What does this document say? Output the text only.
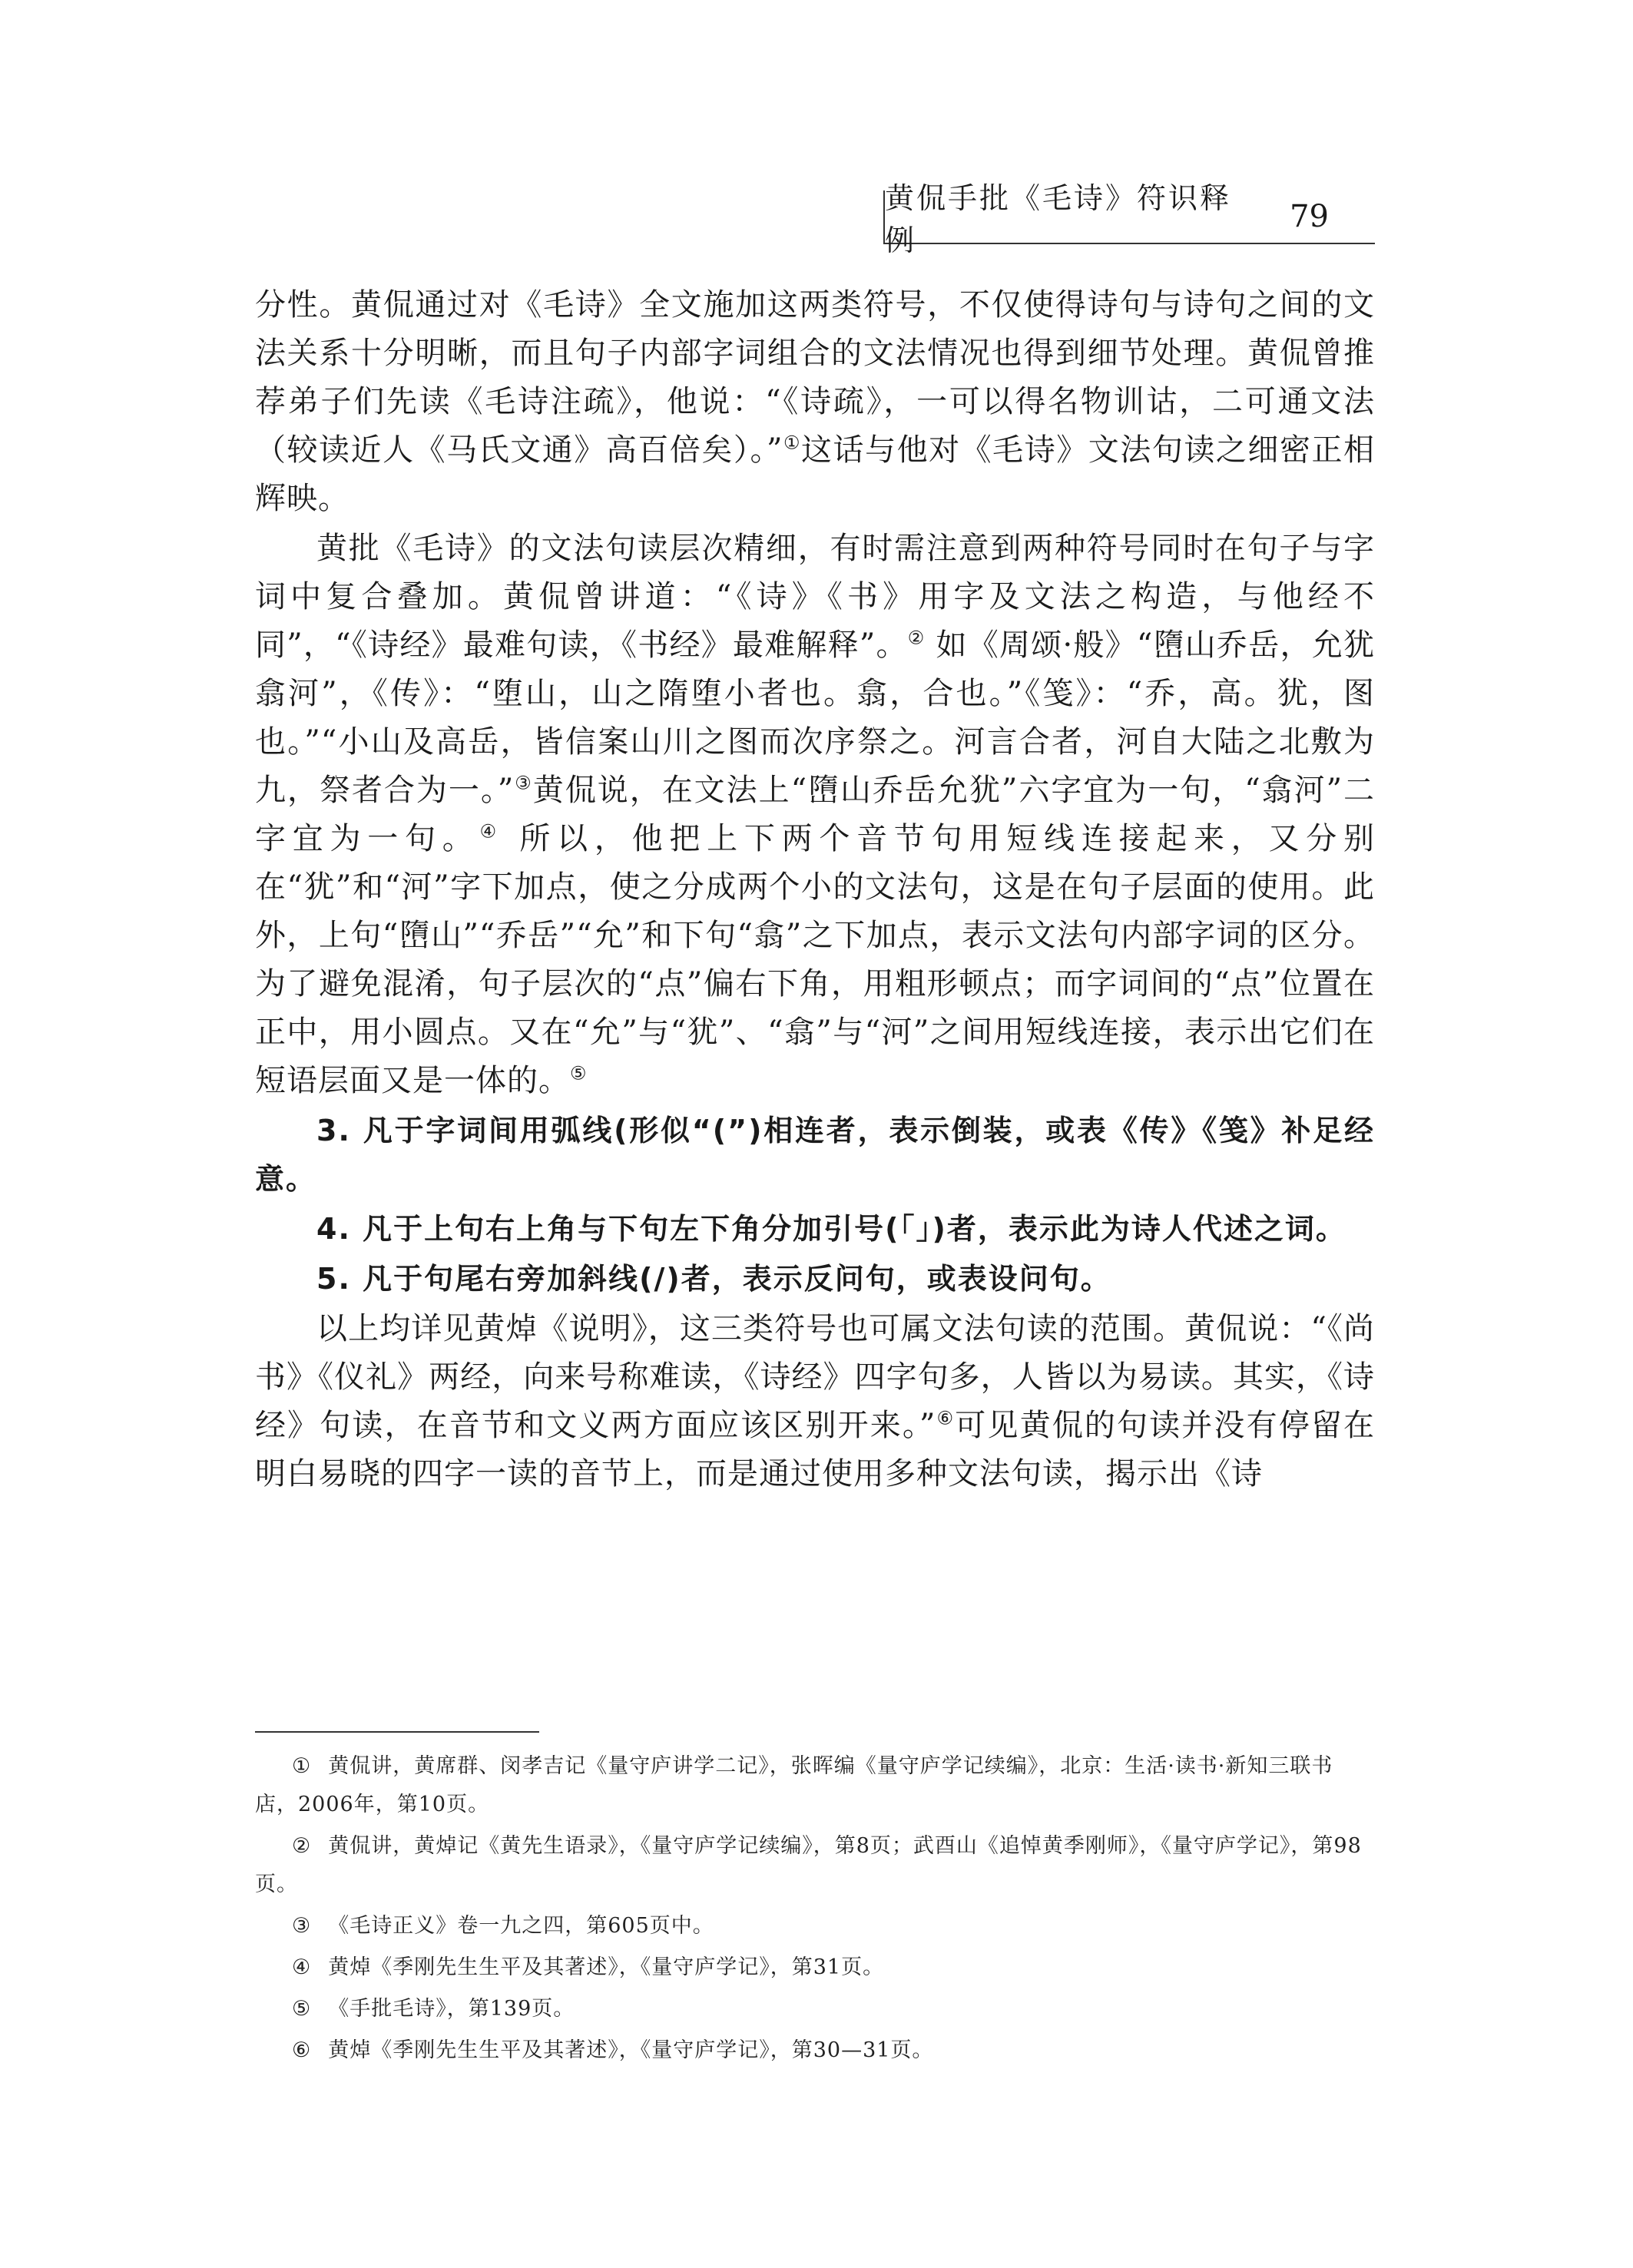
黄侃手批《毛诗》符识释例
79

分性。黄侃通过对《毛诗》全文施加这两类符号，不仅使得诗句与诗句之间的文法关系十分明晰，而且句子内部字词组合的文法情况也得到细节处理。黄侃曾推荐弟子们先读《毛诗注疏》，他说：“《诗疏》，一可以得名物训诂，二可通文法（较读近人《马氏文通》高百倍矣）。”①这话与他对《毛诗》文法句读之细密正相辉映。

黄批《毛诗》的文法句读层次精细，有时需注意到两种符号同时在句子与字词中复合叠加。黄侃曾讲道：“《诗》《书》用字及文法之构造，与他经不同”，“《诗经》最难句读，《书经》最难解释”。② 如《周颂·般》“嶞山乔岳，允犹翕河”，《传》：“堕山，山之隋堕小者也。翕，合也。”《笺》：“乔，高。犹，图也。”“小山及高岳，皆信案山川之图而次序祭之。河言合者，河自大陆之北敷为九，祭者合为一。”③黄侃说，在文法上“嶞山乔岳允犹”六字宜为一句，“翕河”二字宜为一句。④ 所以，他把上下两个音节句用短线连接起来，又分别在“犹”和“河”字下加点，使之分成两个小的文法句，这是在句子层面的使用。此外，上句“嶞山”“乔岳”“允”和下句“翕”之下加点，表示文法句内部字词的区分。为了避免混淆，句子层次的“点”偏右下角，用粗形顿点；而字词间的“点”位置在正中，用小圆点。又在“允”与“犹”、“翕”与“河”之间用短线连接，表示出它们在短语层面又是一体的。⑤

3. 凡于字词间用弧线(形似“(”)相连者，表示倒装，或表《传》《笺》补足经意。

4. 凡于上句右上角与下句左下角分加引号(「」)者，表示此为诗人代述之词。

5. 凡于句尾右旁加斜线(/)者，表示反问句，或表设问句。

以上均详见黄焯《说明》，这三类符号也可属文法句读的范围。黄侃说：“《尚书》《仪礼》两经，向来号称难读，《诗经》四字句多，人皆以为易读。其实，《诗经》句读，在音节和文义两方面应该区别开来。”⑥可见黄侃的句读并没有停留在明白易晓的四字一读的音节上，而是通过使用多种文法句读，揭示出《诗

① 黄侃讲，黄席群、闵孝吉记《量守庐讲学二记》，张晖编《量守庐学记续编》，北京：生活·读书·新知三联书店，2006年，第10页。

② 黄侃讲，黄焯记《黄先生语录》，《量守庐学记续编》，第8页；武酉山《追悼黄季刚师》，《量守庐学记》，第98页。

③ 《毛诗正义》卷一九之四，第605页中。

④ 黄焯《季刚先生生平及其著述》，《量守庐学记》，第31页。

⑤ 《手批毛诗》，第139页。

⑥ 黄焯《季刚先生生平及其著述》，《量守庐学记》，第30—31页。
